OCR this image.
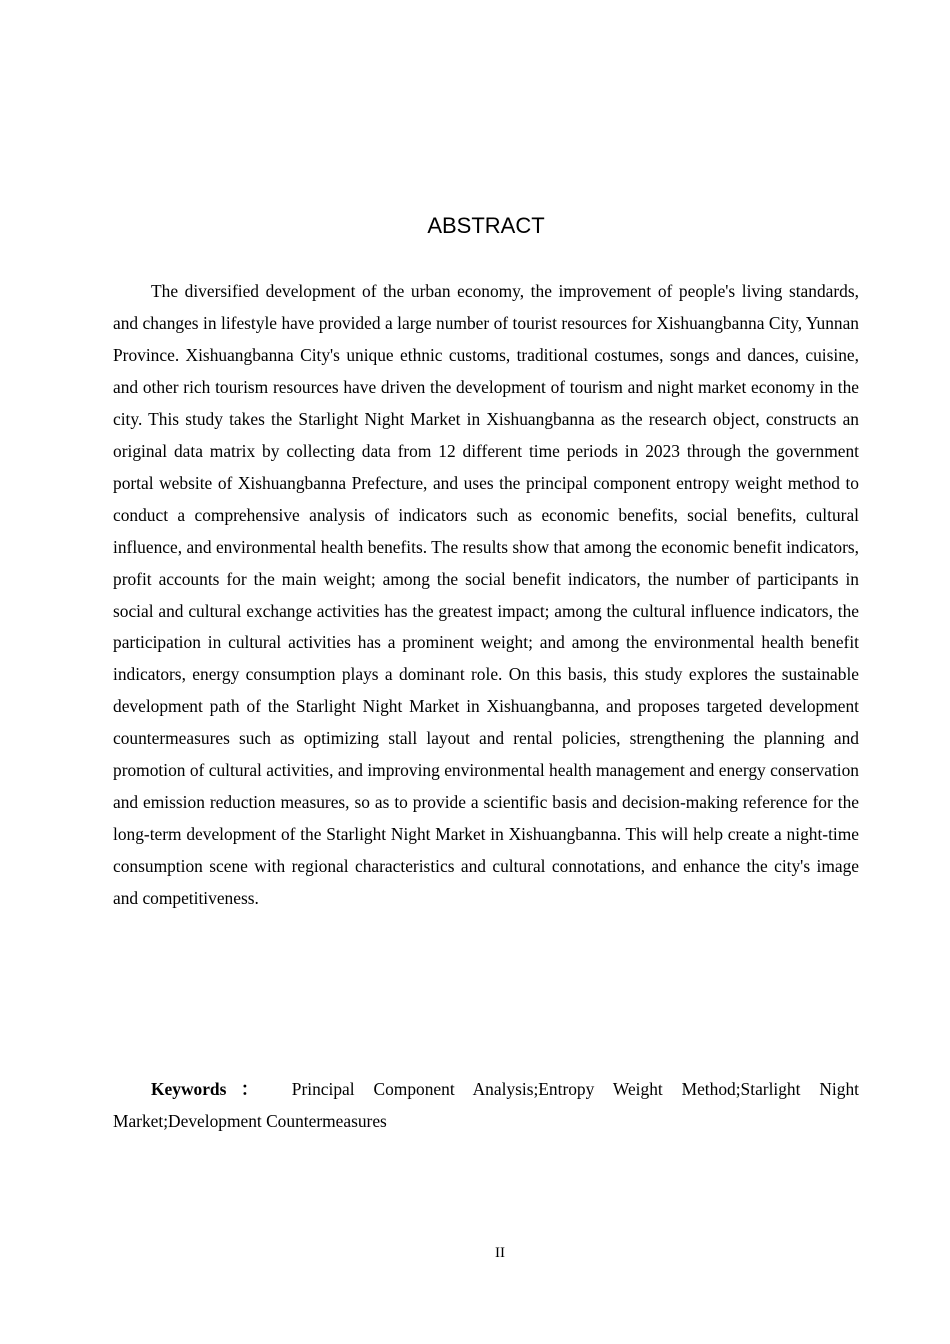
ABSTRACT

The diversified development of the urban economy, the improvement of people's living standards, and changes in lifestyle have provided a large number of tourist resources for Xishuangbanna City, Yunnan Province. Xishuangbanna City's unique ethnic customs, traditional costumes, songs and dances, cuisine, and other rich tourism resources have driven the development of tourism and night market economy in the city. This study takes the Starlight Night Market in Xishuangbanna as the research object, constructs an original data matrix by collecting data from 12 different time periods in 2023 through the government portal website of Xishuangbanna Prefecture, and uses the principal component entropy weight method to conduct a comprehensive analysis of indicators such as economic benefits, social benefits, cultural influence, and environmental health benefits. The results show that among the economic benefit indicators, profit accounts for the main weight; among the social benefit indicators, the number of participants in social and cultural exchange activities has the greatest impact; among the cultural influence indicators, the participation in cultural activities has a prominent weight; and among the environmental health benefit indicators, energy consumption plays a dominant role. On this basis, this study explores the sustainable development path of the Starlight Night Market in Xishuangbanna, and proposes targeted development countermeasures such as optimizing stall layout and rental policies, strengthening the planning and promotion of cultural activities, and improving environmental health management and energy conservation and emission reduction measures, so as to provide a scientific basis and decision-making reference for the long-term development of the Starlight Night Market in Xishuangbanna. This will help create a night-time consumption scene with regional characteristics and cultural connotations, and enhance the city's image and competitiveness.

Keywords： Principal Component Analysis;Entropy Weight Method;Starlight Night Market;Development Countermeasures

II
